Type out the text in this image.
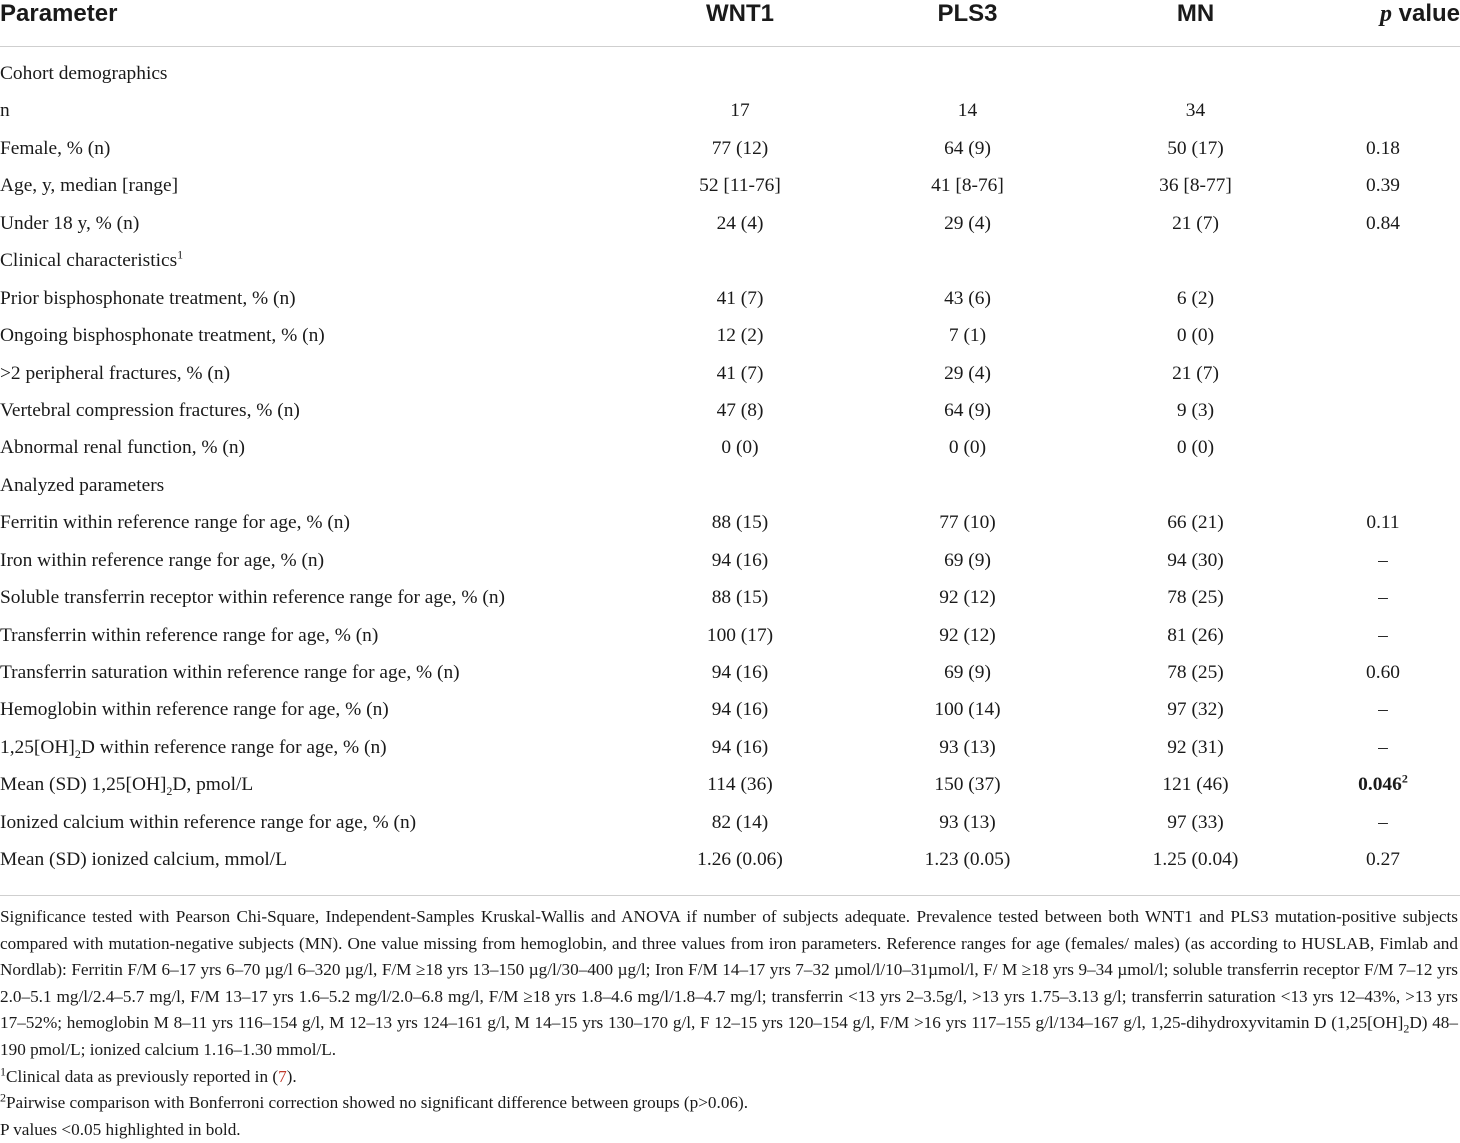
Parameter	WNT1	PLS3	MN	p value
Cohort demographics				
n	17	14	34	
Female, % (n)	77 (12)	64 (9)	50 (17)	0.18
Age, y, median [range]	52 [11-76]	41 [8-76]	36 [8-77]	0.39
Under 18 y, % (n)	24 (4)	29 (4)	21 (7)	0.84
Clinical characteristics$^1$
Prior bisphosphonate treatment, % (n)	41 (7)	43 (6)	6 (2)	
Ongoing bisphosphonate treatment, % (n)	12 (2)	7 (1)	0 (0)	
>2 peripheral fractures, % (n)	41 (7)	29 (4)	21 (7)	
Vertebral compression fractures, % (n)	47 (8)	64 (9)	9 (3)	
Abnormal renal function, % (n)	0 (0)	0 (0)	0 (0)	
Analyzed parameters				
Ferritin within reference range for age, % (n)	88 (15)	77 (10)	66 (21)	0.11
Iron within reference range for age, % (n)	94 (16)	69 (9)	94 (30)	–
Soluble transferrin receptor within reference range for age, % (n)	88 (15)	92 (12)	78 (25)	–
Transferrin within reference range for age, % (n)	100 (17)	92 (12)	81 (26)	–
Transferrin saturation within reference range for age, % (n)	94 (16)	69 (9)	78 (25)	0.60
Hemoglobin within reference range for age, % (n)	94 (16)	100 (14)	97 (32)	–
$1,25[OH]_2D$ within reference range for age, % (n)	94 (16)	93 (13)	92 (31)	–
Mean (SD) $1,25[OH]_2D$, pmol/L	114 (36)	150 (37)	121 (46)	0.046$^2$
Ionized calcium within reference range for age, % (n)	82 (14)	93 (13)	97 (33)	–
Mean (SD) ionized calcium, mmol/L	1.26 (0.06)	1.23 (0.05)	1.25 (0.04)	0.27

Significance tested with Pearson Chi-Square, Independent-Samples Kruskal-Wallis and ANOVA if number of subjects adequate. Prevalence tested between both WNT1 and PLS3 mutation-positive subjects compared with mutation-negative subjects (MN). One value missing from hemoglobin, and three values from iron parameters. Reference ranges for age (females/ males) (as according to HUSLAB, Fimlab and Nordlab): Ferritin F/M 6–17 yrs 6–70 µg/l 6–320 µg/l, F/M ≥18 yrs 13–150 µg/l/30–400 µg/l; Iron F/M 14–17 yrs 7–32 µmol/l/10–31µmol/l, F/ M ≥18 yrs 9–34 µmol/l; soluble transferrin receptor F/M 7–12 yrs 2.0–5.1 mg/l/2.4–5.7 mg/l, F/M 13–17 yrs 1.6–5.2 mg/l/2.0–6.8 mg/l, F/M ≥18 yrs 1.8–4.6 mg/l/1.8–4.7 mg/l; transferrin <13 yrs 2–3.5g/l, >13 yrs 1.75–3.13 g/l; transferrin saturation <13 yrs 12–43%, >13 yrs 17–52%; hemoglobin M 8–11 yrs 116–154 g/l, M 12–13 yrs 124–161 g/l, M 14–15 yrs 130–170 g/l, F 12–15 yrs 120–154 g/l, F/M >16 yrs 117–155 g/l/134–167 g/l, 1,25-dihydroxyvitamin D $(1,25[OH]_2D)$ 48–190 pmol/L; ionized calcium 1.16–1.30 mmol/L.

$^1$Clinical data as previously reported in (7).

$^2$Pairwise comparison with Bonferroni correction showed no significant difference between groups (p>0.06).

P values <0.05 highlighted in bold.
